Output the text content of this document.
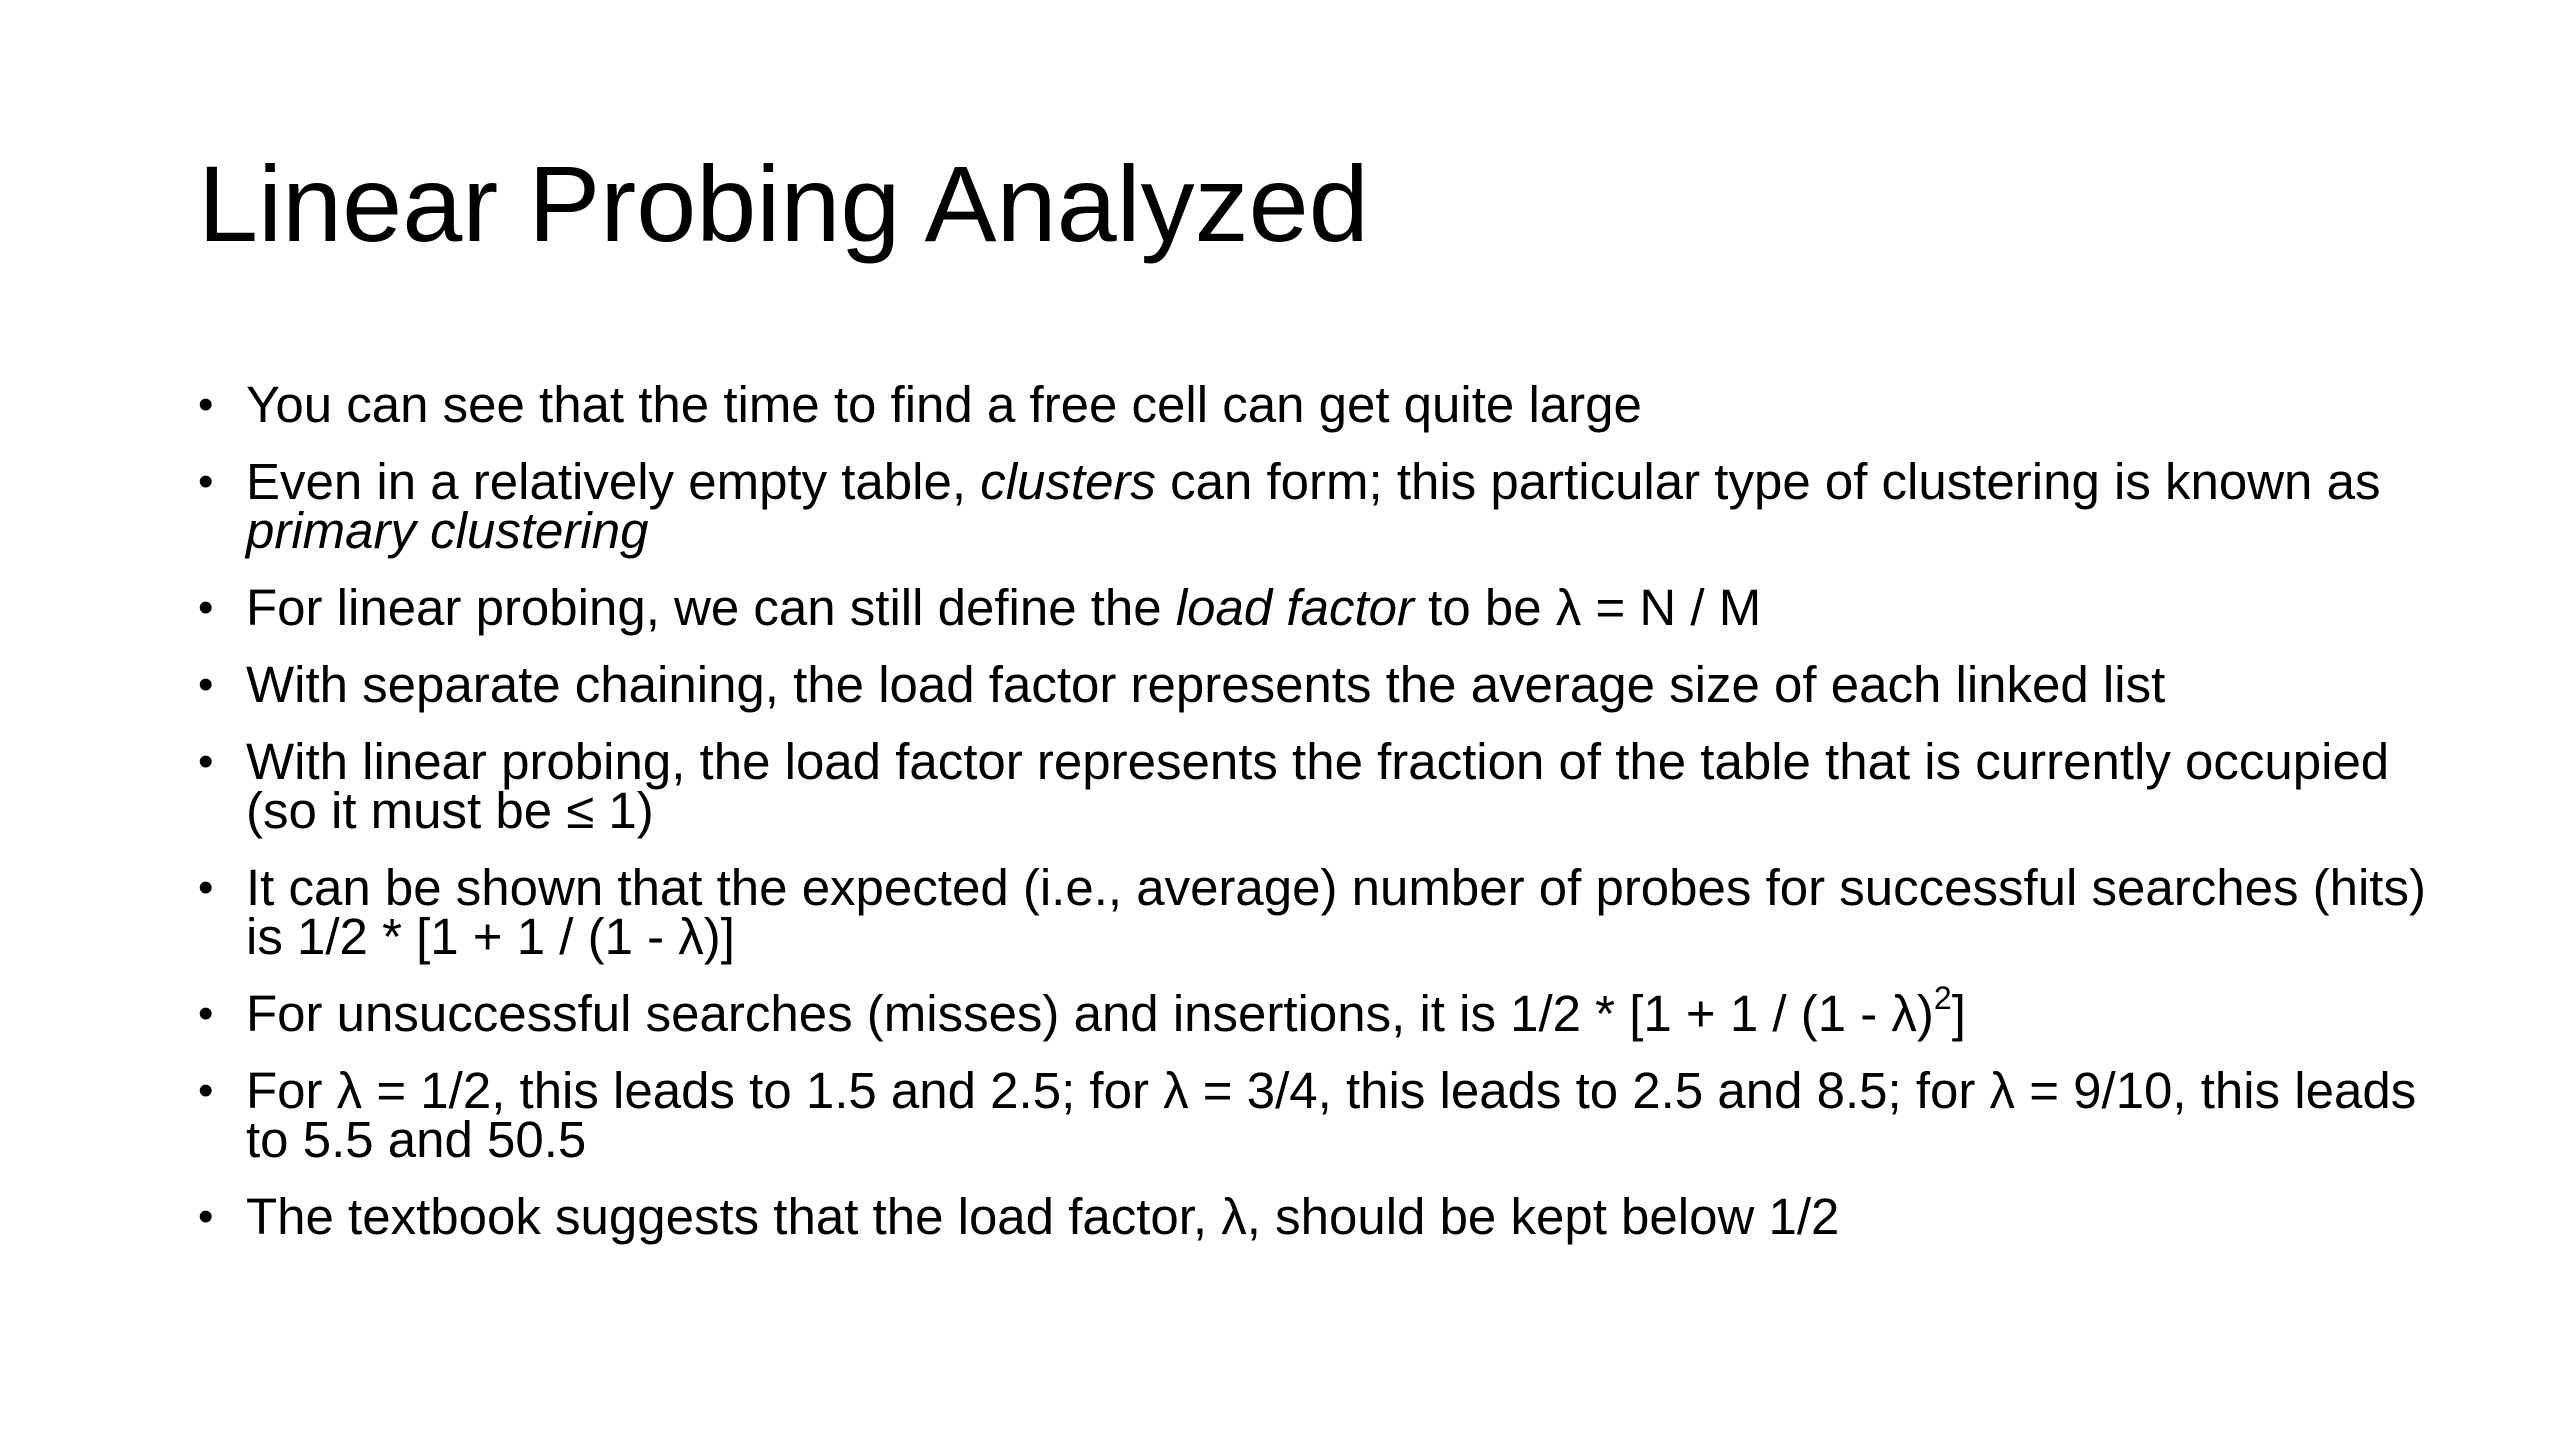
Linear Probing Analyzed
• You can see that the time to find a free cell can get quite large
• Even in a relatively empty table, clusters can form; this particular type of clustering is known as primary clustering
• For linear probing, we can still define the load factor to be λ = N / M
• With separate chaining, the load factor represents the average size of each linked list
• With linear probing, the load factor represents the fraction of the table that is currently occupied (so it must be ≤ 1)
• It can be shown that the expected (i.e., average) number of probes for successful searches (hits) is 1/2 * [1 + 1 / (1 - λ)]
• For unsuccessful searches (misses) and insertions, it is 1/2 * [1 + 1 / (1 - λ)$^2$]
• For λ = 1/2, this leads to 1.5 and 2.5; for λ = 3/4, this leads to 2.5 and 8.5; for λ = 9/10, this leads to 5.5 and 50.5
• The textbook suggests that the load factor, λ, should be kept below 1/2
